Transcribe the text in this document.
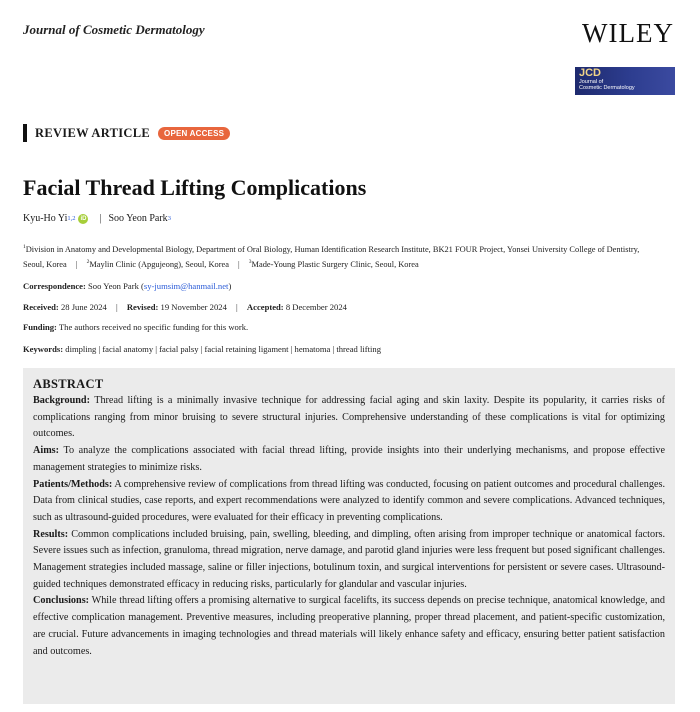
Journal of Cosmetic Dermatology	WILEY
JCD
Journal of
Cosmetic Dermatology
REVIEW ARTICLE	OPEN ACCESS
Facial Thread Lifting Complications
Kyu-Ho Yi 1,2 iD | Soo Yeon Park 3
$^1$Division in Anatomy and Developmental Biology, Department of Oral Biology, Human Identification Research Institute, BK21 FOUR Project, Yonsei University College of Dentistry, Seoul, Korea | $^2$Maylin Clinic (Apgujeong), Seoul, Korea | $^3$Made-Young Plastic Surgery Clinic, Seoul, Korea
Correspondence: Soo Yeon Park (sy-jumsim@hanmail.net)
Received: 28 June 2024 | Revised: 19 November 2024 | Accepted: 8 December 2024
Funding: The authors received no specific funding for this work.
Keywords: dimpling | facial anatomy | facial palsy | facial retaining ligament | hematoma | thread lifting
ABSTRACT

Background: Thread lifting is a minimally invasive technique for addressing facial aging and skin laxity. Despite its popularity, it carries risks of complications ranging from minor bruising to severe structural injuries. Comprehensive understanding of these complications is vital for optimizing outcomes.

Aims: To analyze the complications associated with facial thread lifting, provide insights into their underlying mechanisms, and propose effective management strategies to minimize risks.

Patients/Methods: A comprehensive review of complications from thread lifting was conducted, focusing on patient outcomes and procedural challenges. Data from clinical studies, case reports, and expert recommendations were analyzed to identify common and severe complications. Advanced techniques, such as ultrasound-guided procedures, were evaluated for their efficacy in preventing complications.

Results: Common complications included bruising, pain, swelling, bleeding, and dimpling, often arising from improper technique or anatomical factors. Severe issues such as infection, granuloma, thread migration, nerve damage, and parotid gland injuries were less frequent but posed significant challenges. Management strategies included massage, saline or filler injections, botulinum toxin, and surgical interventions for persistent or severe cases. Ultrasound-guided techniques demonstrated efficacy in reducing risks, particularly for glandular and vascular injuries.

Conclusions: While thread lifting offers a promising alternative to surgical facelifts, its success depends on precise technique, anatomical knowledge, and effective complication management. Preventive measures, including preoperative planning, proper thread placement, and patient-specific customization, are crucial. Future advancements in imaging technologies and thread materials will likely enhance safety and efficacy, ensuring better patient satisfaction and outcomes.
